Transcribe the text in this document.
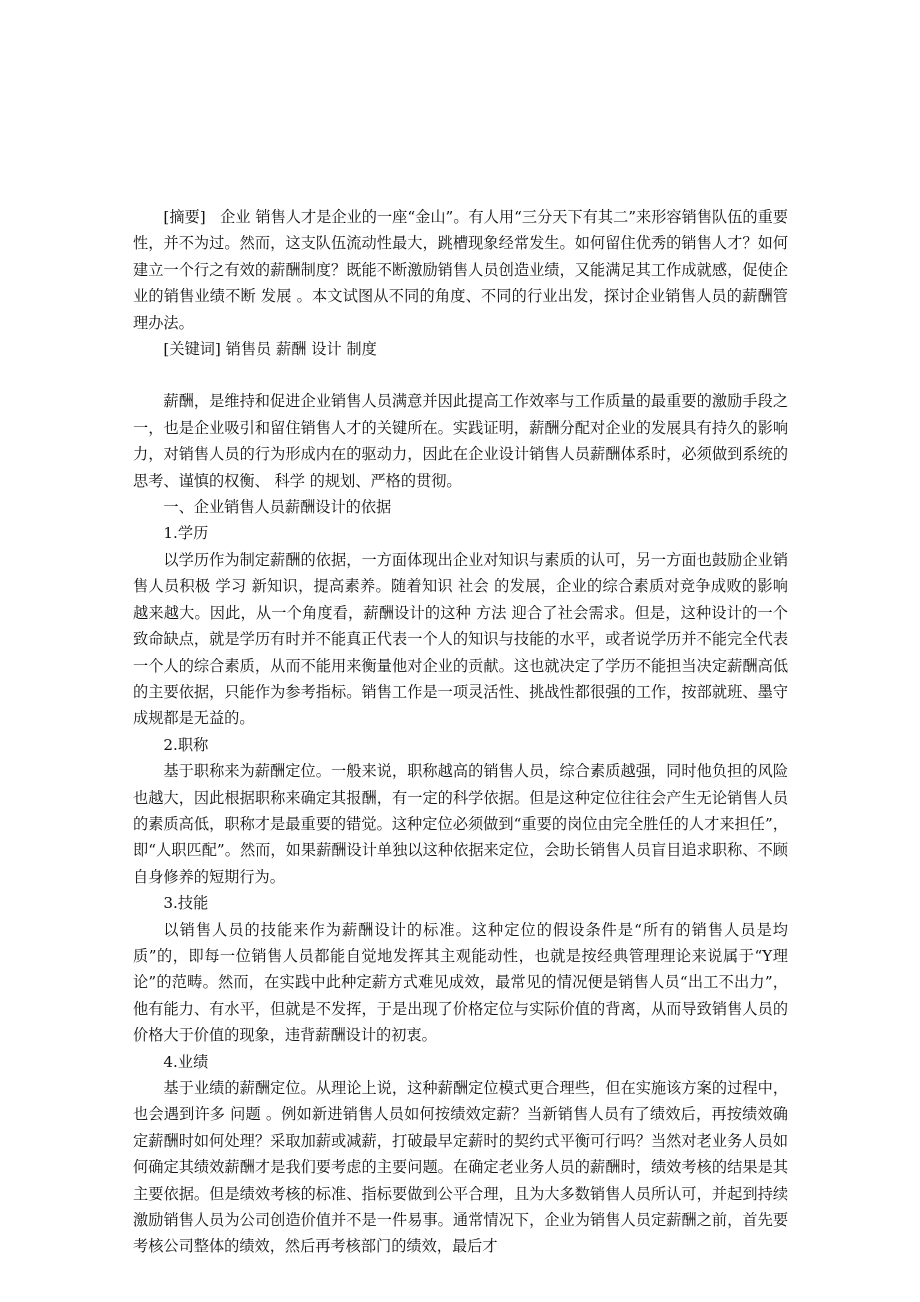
[摘要] 企业 销售人才是企业的一座“金山”。有人用“三分天下有其二”来形容销售队伍的重要性，并不为过。然而，这支队伍流动性最大，跳槽现象经常发生。如何留住优秀的销售人才？如何建立一个行之有效的薪酬制度？既能不断激励销售人员创造业绩，又能满足其工作成就感，促使企业的销售业绩不断 发展 。本文试图从不同的角度、不同的行业出发，探讨企业销售人员的薪酬管理办法。

[关键词] 销售员 薪酬 设计 制度

薪酬，是维持和促进企业销售人员满意并因此提高工作效率与工作质量的最重要的激励手段之一，也是企业吸引和留住销售人才的关键所在。实践证明，薪酬分配对企业的发展具有持久的影响力，对销售人员的行为形成内在的驱动力，因此在企业设计销售人员薪酬体系时，必须做到系统的思考、谨慎的权衡、 科学 的规划、严格的贯彻。

一、企业销售人员薪酬设计的依据

1.学历

以学历作为制定薪酬的依据，一方面体现出企业对知识与素质的认可，另一方面也鼓励企业销售人员积极 学习 新知识，提高素养。随着知识 社会 的发展，企业的综合素质对竞争成败的影响越来越大。因此，从一个角度看，薪酬设计的这种 方法 迎合了社会需求。但是，这种设计的一个致命缺点，就是学历有时并不能真正代表一个人的知识与技能的水平，或者说学历并不能完全代表一个人的综合素质，从而不能用来衡量他对企业的贡献。这也就决定了学历不能担当决定薪酬高低的主要依据，只能作为参考指标。销售工作是一项灵活性、挑战性都很强的工作，按部就班、墨守成规都是无益的。

2.职称

基于职称来为薪酬定位。一般来说，职称越高的销售人员，综合素质越强，同时他负担的风险也越大，因此根据职称来确定其报酬，有一定的科学依据。但是这种定位往往会产生无论销售人员的素质高低，职称才是最重要的错觉。这种定位必须做到“重要的岗位由完全胜任的人才来担任”，即“人职匹配”。然而，如果薪酬设计单独以这种依据来定位，会助长销售人员盲目追求职称、不顾自身修养的短期行为。

3.技能

以销售人员的技能来作为薪酬设计的标准。这种定位的假设条件是“所有的销售人员是均质”的，即每一位销售人员都能自觉地发挥其主观能动性，也就是按经典管理理论来说属于“Y理论”的范畴。然而，在实践中此种定薪方式难见成效，最常见的情况便是销售人员“出工不出力”，他有能力、有水平，但就是不发挥，于是出现了价格定位与实际价值的背离，从而导致销售人员的价格大于价值的现象，违背薪酬设计的初衷。

4.业绩

基于业绩的薪酬定位。从理论上说，这种薪酬定位模式更合理些，但在实施该方案的过程中，也会遇到许多 问题 。例如新进销售人员如何按绩效定薪？当新销售人员有了绩效后，再按绩效确定薪酬时如何处理？采取加薪或减薪，打破最早定薪时的契约式平衡可行吗？当然对老业务人员如何确定其绩效薪酬才是我们要考虑的主要问题。在确定老业务人员的薪酬时，绩效考核的结果是其主要依据。但是绩效考核的标准、指标要做到公平合理，且为大多数销售人员所认可，并起到持续激励销售人员为公司创造价值并不是一件易事。通常情况下，企业为销售人员定薪酬之前，首先要考核公司整体的绩效，然后再考核部门的绩效，最后才
